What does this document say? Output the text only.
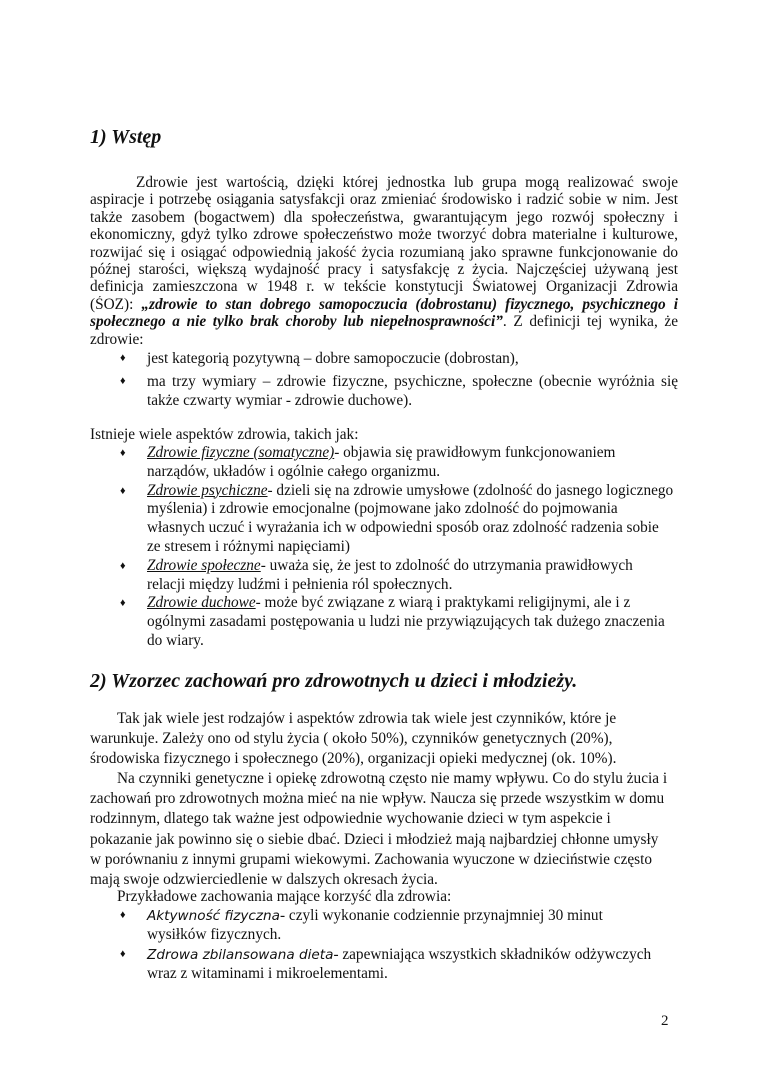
1) Wstęp
Zdrowie jest wartością, dzięki której jednostka lub grupa mogą realizować swoje
aspiracje i potrzebę osiągania satysfakcji oraz zmieniać środowisko i radzić sobie w nim. Jest
także zasobem (bogactwem) dla społeczeństwa, gwarantującym jego rozwój społeczny i
ekonomiczny, gdyż tylko zdrowe społeczeństwo może tworzyć dobra materialne i kulturowe,
rozwijać się i osiągać odpowiednią jakość życia rozumianą jako sprawne funkcjonowanie do
późnej starości, większą wydajność pracy i satysfakcję z życia. Najczęściej używaną jest
definicja zamieszczona w 1948 r. w tekście konstytucji Światowej Organizacji Zdrowia
(ŚOZ): „zdrowie to stan dobrego samopoczucia (dobrostanu) fizycznego, psychicznego i
społecznego a nie tylko brak choroby lub niepełnosprawności”. Z definicji tej wynika, że
zdrowie:
♦ jest kategorią pozytywną – dobre samopoczucie (dobrostan),
♦ ma trzy wymiary – zdrowie fizyczne, psychiczne, społeczne (obecnie wyróżnia się
także czwarty wymiar - zdrowie duchowe).
Istnieje wiele aspektów zdrowia, takich jak:
♦ Zdrowie fizyczne (somatyczne)- objawia się prawidłowym funkcjonowaniem
narządów, układów i ogólnie całego organizmu.
♦ Zdrowie psychiczne- dzieli się na zdrowie umysłowe (zdolność do jasnego logicznego
myślenia) i zdrowie emocjonalne (pojmowane jako zdolność do pojmowania
własnych uczuć i wyrażania ich w odpowiedni sposób oraz zdolność radzenia sobie
ze stresem i różnymi napięciami)
♦ Zdrowie społeczne- uważa się, że jest to zdolność do utrzymania prawidłowych
relacji między ludźmi i pełnienia ról społecznych.
♦ Zdrowie duchowe- może być związane z wiarą i praktykami religijnymi, ale i z
ogólnymi zasadami postępowania u ludzi nie przywiązujących tak dużego znaczenia
do wiary.
2) Wzorzec zachowań pro zdrowotnych u dzieci i młodzieży.
Tak jak wiele jest rodzajów i aspektów zdrowia tak wiele jest czynników, które je
warunkuje. Zależy ono od stylu życia ( około 50%), czynników genetycznych (20%),
środowiska fizycznego i społecznego (20%), organizacji opieki medycznej (ok. 10%).
Na czynniki genetyczne i opiekę zdrowotną często nie mamy wpływu. Co do stylu żucia i
zachowań pro zdrowotnych można mieć na nie wpływ. Naucza się przede wszystkim w domu
rodzinnym, dlatego tak ważne jest odpowiednie wychowanie dzieci w tym aspekcie i
pokazanie jak powinno się o siebie dbać. Dzieci i młodzież mają najbardziej chłonne umysły
w porównaniu z innymi grupami wiekowymi. Zachowania wyuczone w dzieciństwie często
mają swoje odzwierciedlenie w dalszych okresach życia.
Przykładowe zachowania mające korzyść dla zdrowia:
♦ Aktywność fizyczna- czyli wykonanie codziennie przynajmniej 30 minut
wysiłków fizycznych.
♦ Zdrowa zbilansowana dieta- zapewniająca wszystkich składników odżywczych
wraz z witaminami i mikroelementami.
2
